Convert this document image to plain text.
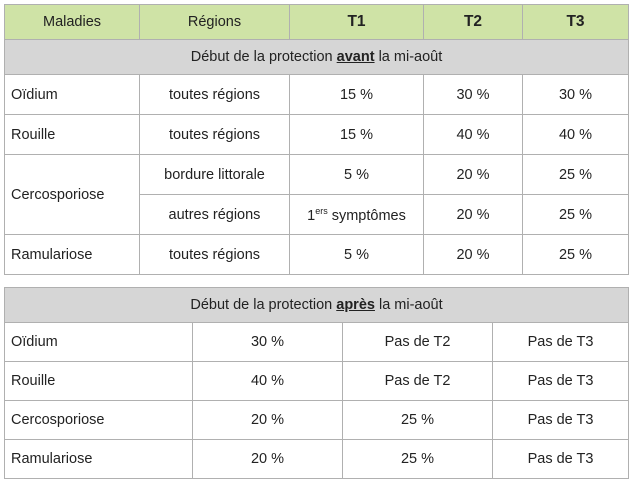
Maladies	Régions	T1	T2	T3
Début de la protection avant la mi-août				
Oïdium	toutes régions	15 %	30 %	30 %
Rouille	toutes régions	15 %	40 %	40 %
Cercosporiose	bordure littorale	5 %	20 %	25 %
	autres régions	1ers symptômes	20 %	25 %
Ramulariose	toutes régions	5 %	20 %	25 %
Début de la protection après la mi-août			
Oïdium	30 %	Pas de T2	Pas de T3
Rouille	40 %	Pas de T2	Pas de T3
Cercosporiose	20 %	25 %	Pas de T3
Ramulariose	20 %	25 %	Pas de T3
